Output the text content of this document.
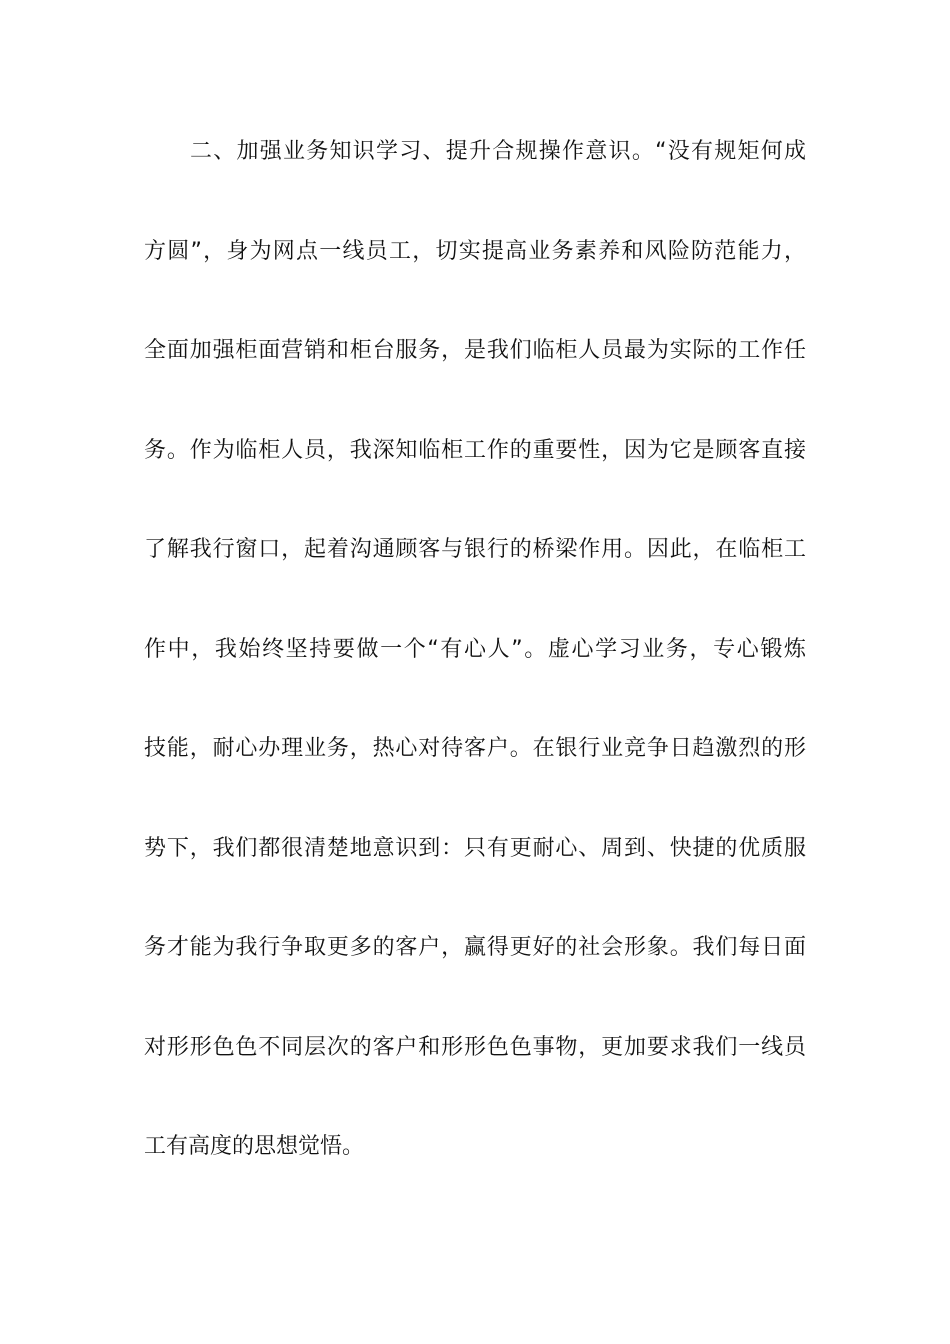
二、加强业务知识学习、提升合规操作意识。“没有规矩何成
方圆”，身为网点一线员工，切实提高业务素养和风险防范能力，
全面加强柜面营销和柜台服务，是我们临柜人员最为实际的工作任
务。作为临柜人员，我深知临柜工作的重要性，因为它是顾客直接
了解我行窗口，起着沟通顾客与银行的桥梁作用。因此，在临柜工
作中，我始终坚持要做一个“有心人”。虚心学习业务，专心锻炼
技能，耐心办理业务，热心对待客户。在银行业竞争日趋激烈的形
势下，我们都很清楚地意识到：只有更耐心、周到、快捷的优质服
务才能为我行争取更多的客户，赢得更好的社会形象。我们每日面
对形形色色不同层次的客户和形形色色事物，更加要求我们一线员
工有高度的思想觉悟。
